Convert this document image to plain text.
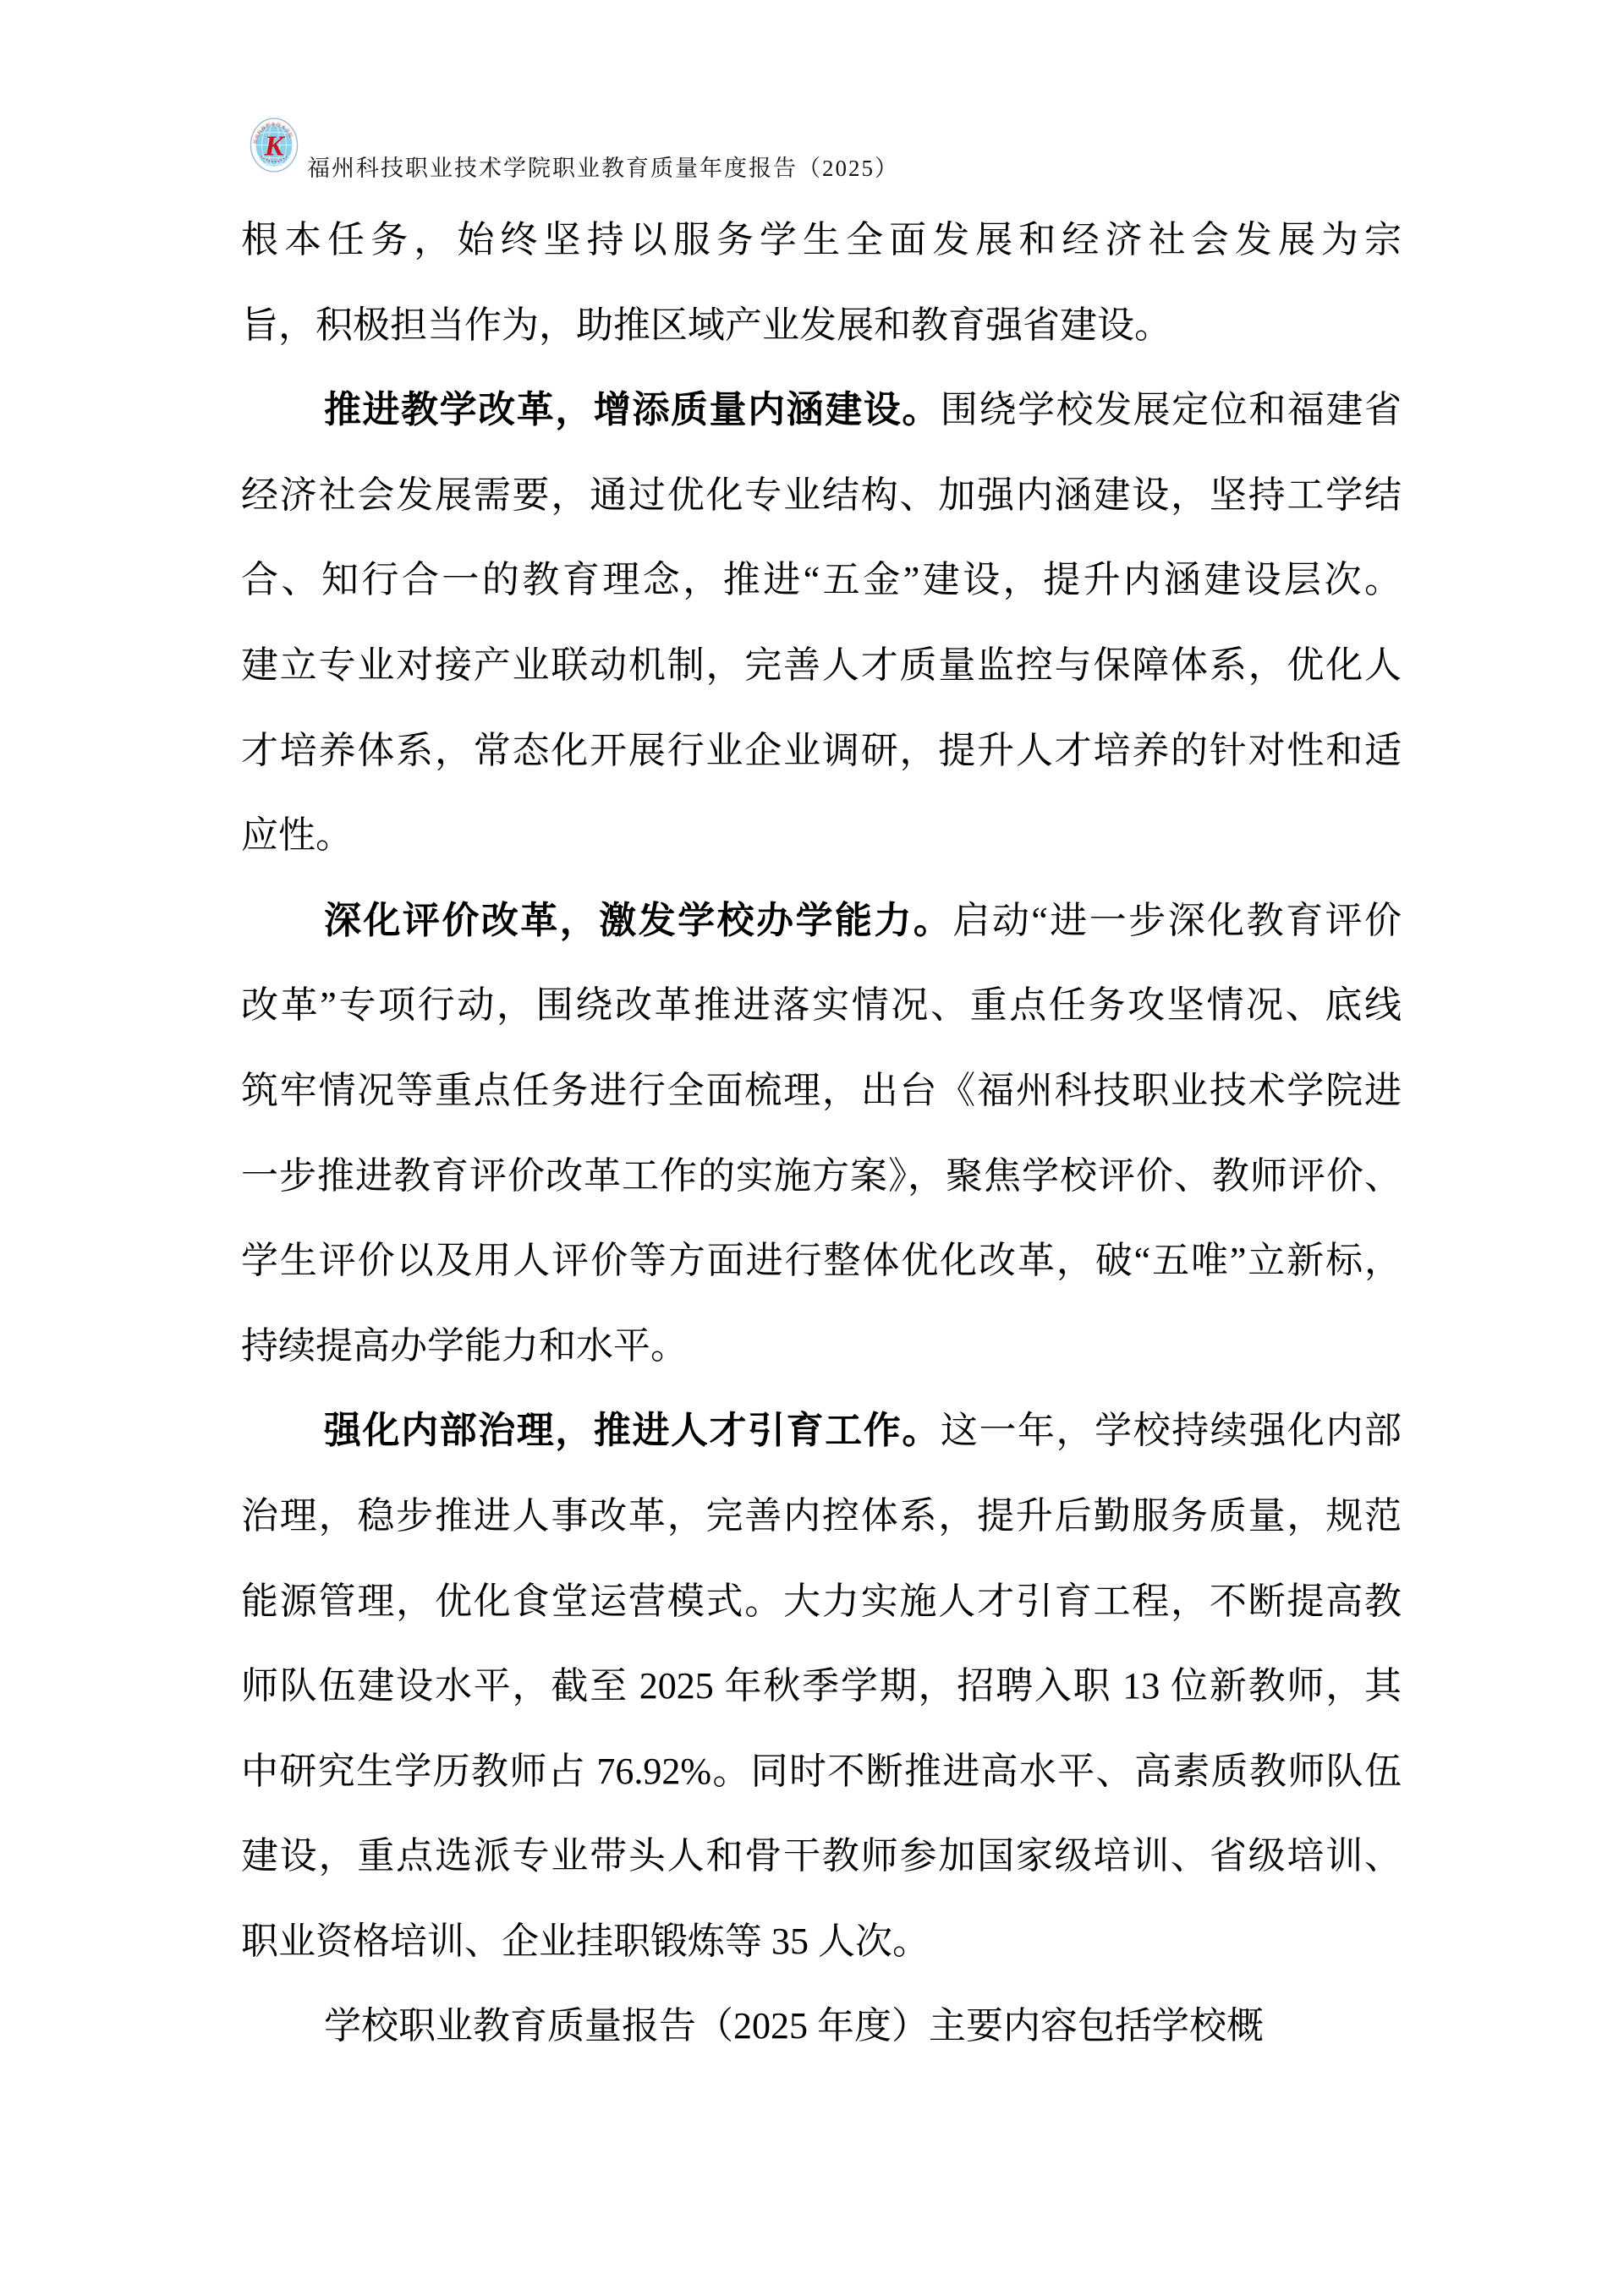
福州科技职业技术学院
K
福州科技职业技术学院职业教育质量年度报告（2025）
根本任务，始终坚持以服务学生全面发展和经济社会发展为宗
旨，积极担当作为，助推区域产业发展和教育强省建设。
推进教学改革，增添质量内涵建设。围绕学校发展定位和福建省
经济社会发展需要，通过优化专业结构、加强内涵建设，坚持工学结
合、知行合一的教育理念，推进“五金”建设，提升内涵建设层次。
建立专业对接产业联动机制，完善人才质量监控与保障体系，优化人
才培养体系，常态化开展行业企业调研，提升人才培养的针对性和适
应性。
深化评价改革，激发学校办学能力。启动“进一步深化教育评价
改革”专项行动，围绕改革推进落实情况、重点任务攻坚情况、底线
筑牢情况等重点任务进行全面梳理，出台《福州科技职业技术学院进
一步推进教育评价改革工作的实施方案》，聚焦学校评价、教师评价、
学生评价以及用人评价等方面进行整体优化改革，破“五唯”立新标，
持续提高办学能力和水平。
强化内部治理，推进人才引育工作。这一年，学校持续强化内部
治理，稳步推进人事改革，完善内控体系，提升后勤服务质量，规范
能源管理，优化食堂运营模式。大力实施人才引育工程，不断提高教
师队伍建设水平，截至 2025 年秋季学期，招聘入职 13 位新教师，其
中研究生学历教师占 76.92%。同时不断推进高水平、高素质教师队伍
建设，重点选派专业带头人和骨干教师参加国家级培训、省级培训、
职业资格培训、企业挂职锻炼等 35 人次。
学校职业教育质量报告（2025 年度）主要内容包括学校概
